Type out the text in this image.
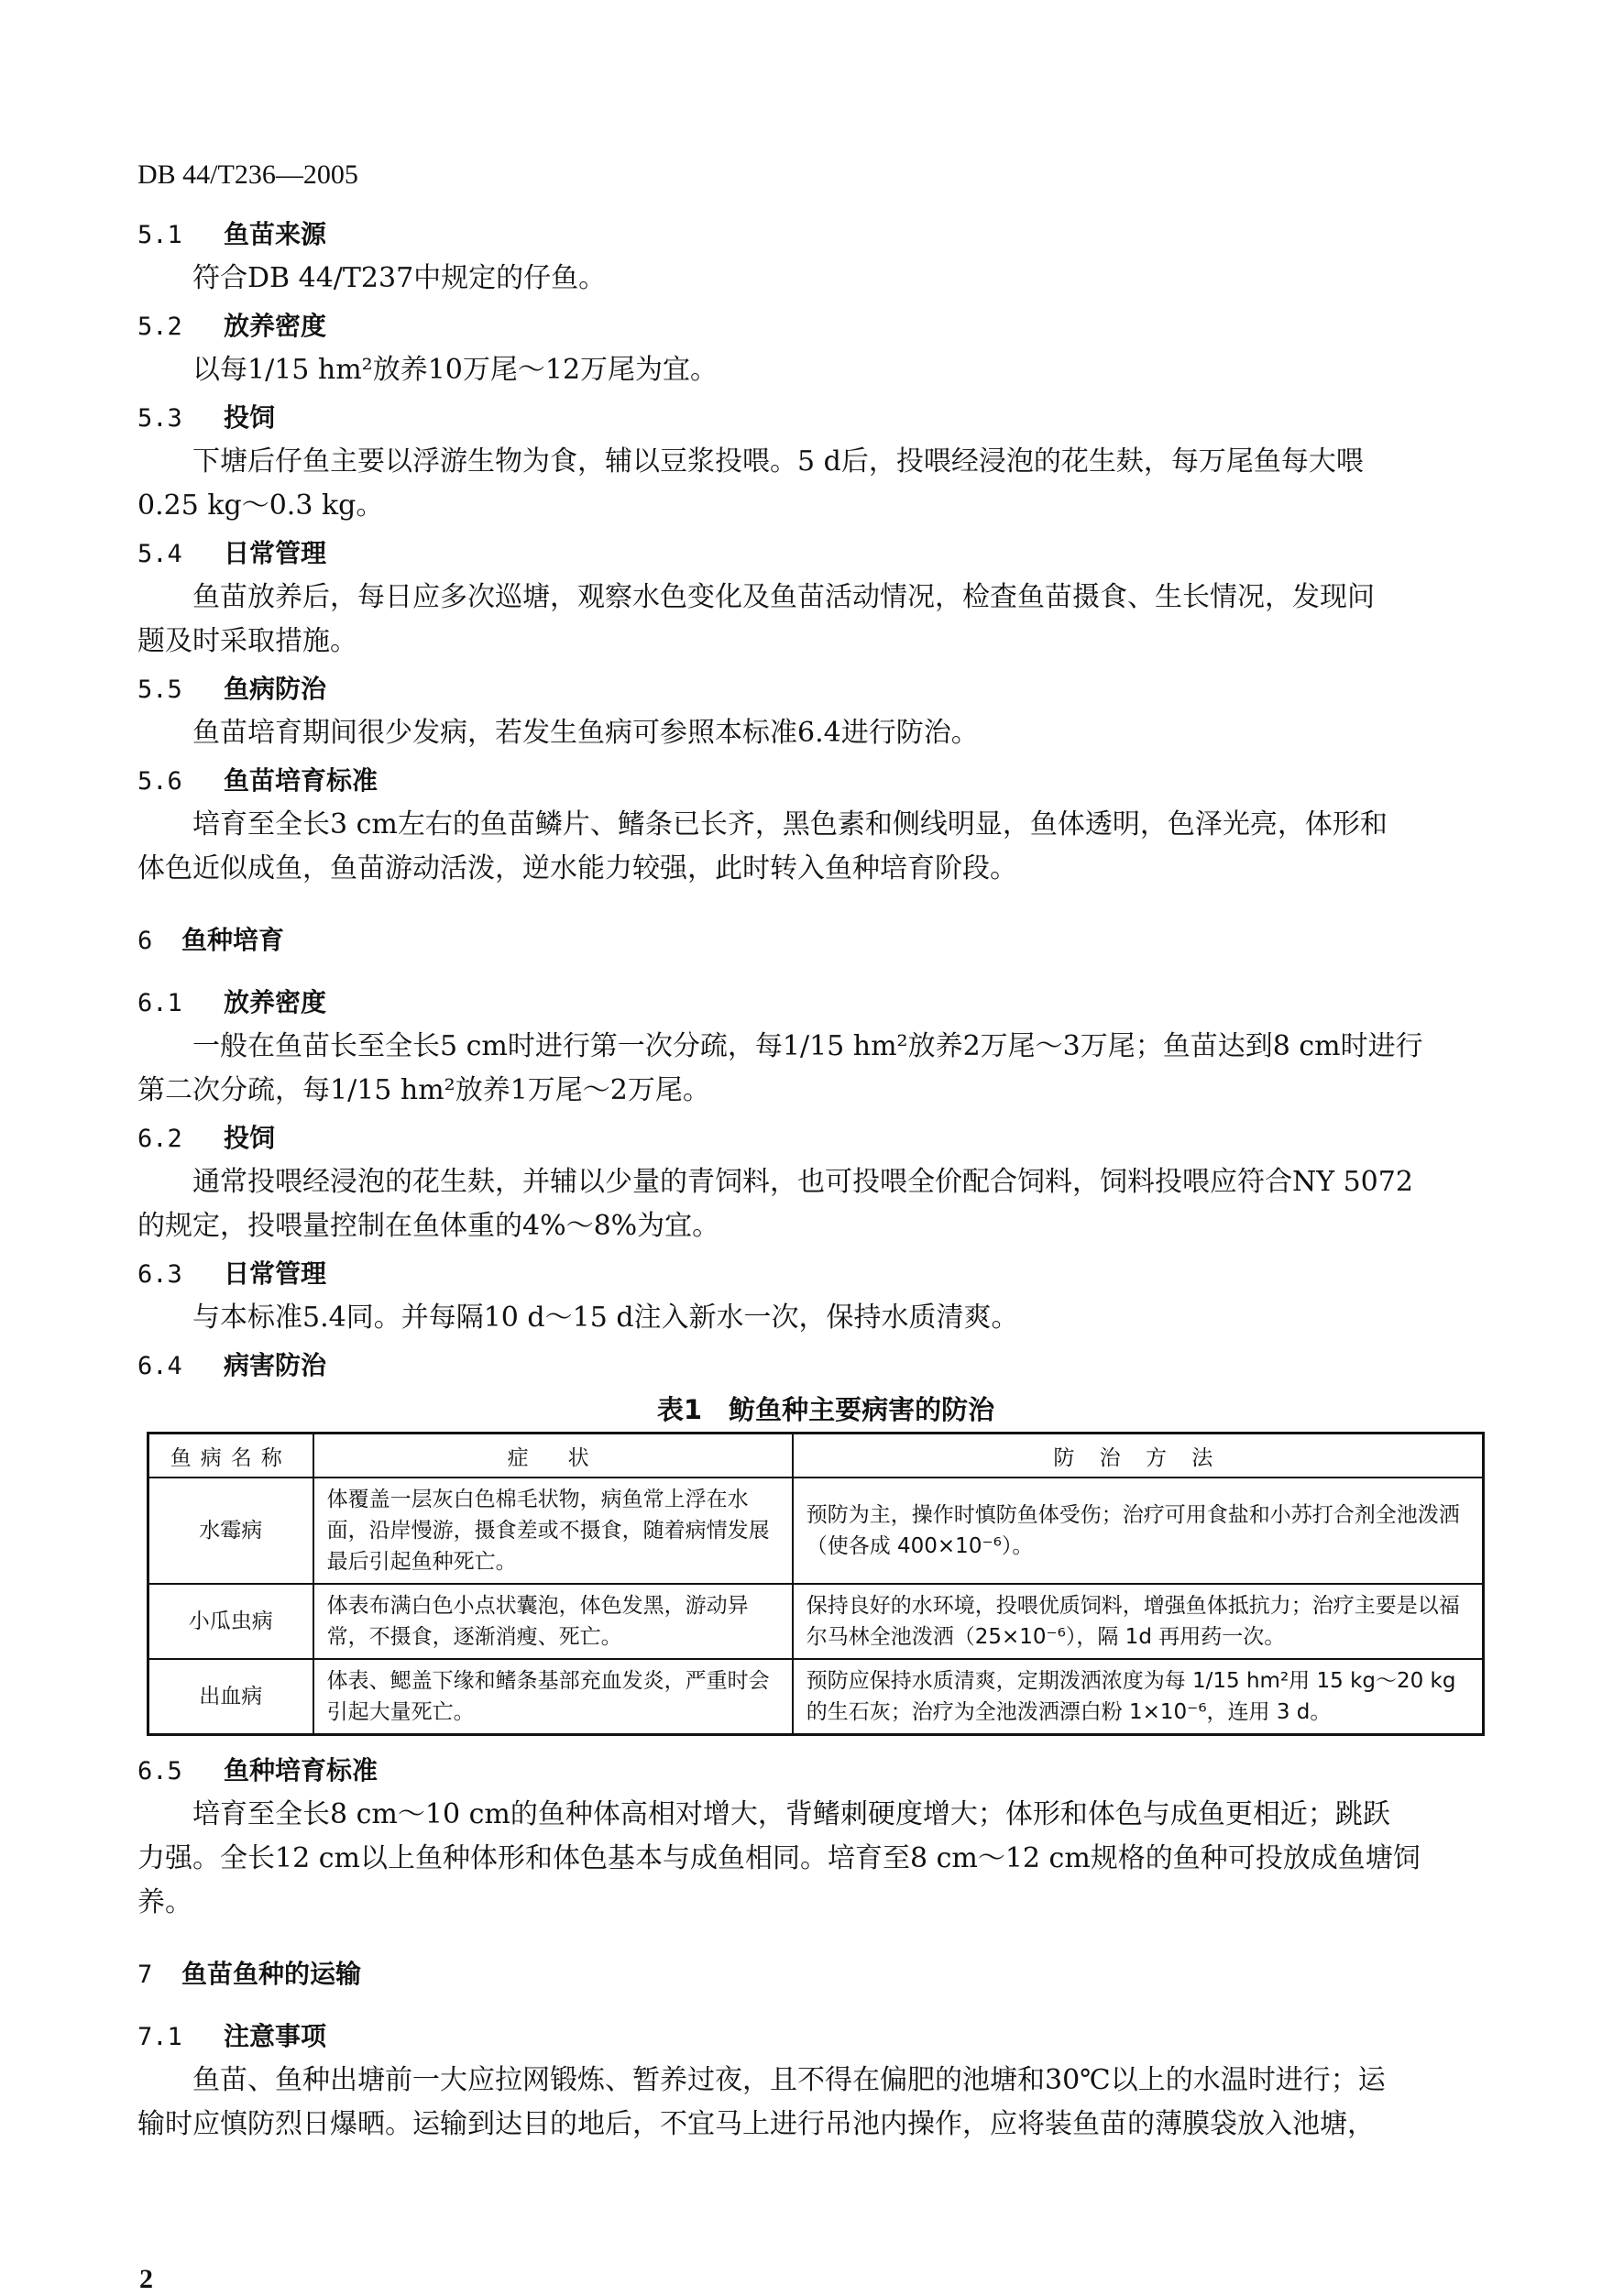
DB 44/T236—2005
5.1 鱼苗来源
符合DB 44/T237中规定的仔鱼。
5.2 放养密度
以每1/15 hm²放养10万尾～12万尾为宜。
5.3 投饲
下塘后仔鱼主要以浮游生物为食，辅以豆浆投喂。5 d后，投喂经浸泡的花生麸，每万尾鱼每大喂
0.25 kg～0.3 kg。
5.4 日常管理
鱼苗放养后，每日应多次巡塘，观察水色变化及鱼苗活动情况，检査鱼苗摄食、生长情况，发现问
题及时采取措施。
5.5 鱼病防治
鱼苗培育期间很少发病，若发生鱼病可参照本标准6.4进行防治。
5.6 鱼苗培育标准
培育至全长3 cm左右的鱼苗鳞片、鳍条已长齐，黑色素和侧线明显，鱼体透明，色泽光亮，体形和
体色近似成鱼，鱼苗游动活泼，逆水能力较强，此时转入鱼种培育阶段。
6 鱼种培育
6.1 放养密度
一般在鱼苗长至全长5 cm时进行第一次分疏，每1/15 hm²放养2万尾～3万尾；鱼苗达到8 cm时进行
第二次分疏，每1/15 hm²放养1万尾～2万尾。
6.2 投饲
通常投喂经浸泡的花生麸，并辅以少量的青饲料，也可投喂全价配合饲料，饲料投喂应符合NY 5072
的规定，投喂量控制在鱼体重的4%～8%为宜。
6.3 日常管理
与本标准5.4同。并每隔10 d～15 d注入新水一次，保持水质清爽。
6.4 病害防治
表1　鲂鱼种主要病害的防治
鱼病名称	症　状	防 治 方 法
水霉病	体覆盖一层灰白色棉毛状物，病鱼常上浮在水面，沿岸慢游，摄食差或不摄食，随着病情发展最后引起鱼种死亡。	预防为主，操作时慎防鱼体受伤；治疗可用食盐和小苏打合剂全池泼洒（使各成 400×10⁻⁶）。
小瓜虫病	体表布满白色小点状囊泡，体色发黑，游动异常，不摄食，逐渐消瘦、死亡。	保持良好的水环境，投喂优质饲料，增强鱼体抵抗力；治疗主要是以福尔马林全池泼洒（25×10⁻⁶），隔 1d 再用药一次。
出血病	体表、鳃盖下缘和鳍条基部充血发炎，严重时会引起大量死亡。	预防应保持水质清爽，定期泼洒浓度为每 1/15 hm²用 15 kg～20 kg 的生石灰；治疗为全池泼洒漂白粉 1×10⁻⁶，连用 3 d。
6.5 鱼种培育标准
培育至全长8 cm～10 cm的鱼种体高相对增大，背鳍刺硬度增大；体形和体色与成鱼更相近；跳跃
力强。全长12 cm以上鱼种体形和体色基本与成鱼相同。培育至8 cm～12 cm规格的鱼种可投放成鱼塘饲
养。
7 鱼苗鱼种的运输
7.1 注意事项
鱼苗、鱼种出塘前一大应拉网锻炼、暂养过夜，且不得在偏肥的池塘和30℃以上的水温时进行；运
输时应慎防烈日爆晒。运输到达目的地后，不宜马上进行吊池内操作，应将装鱼苗的薄膜袋放入池塘，
2
